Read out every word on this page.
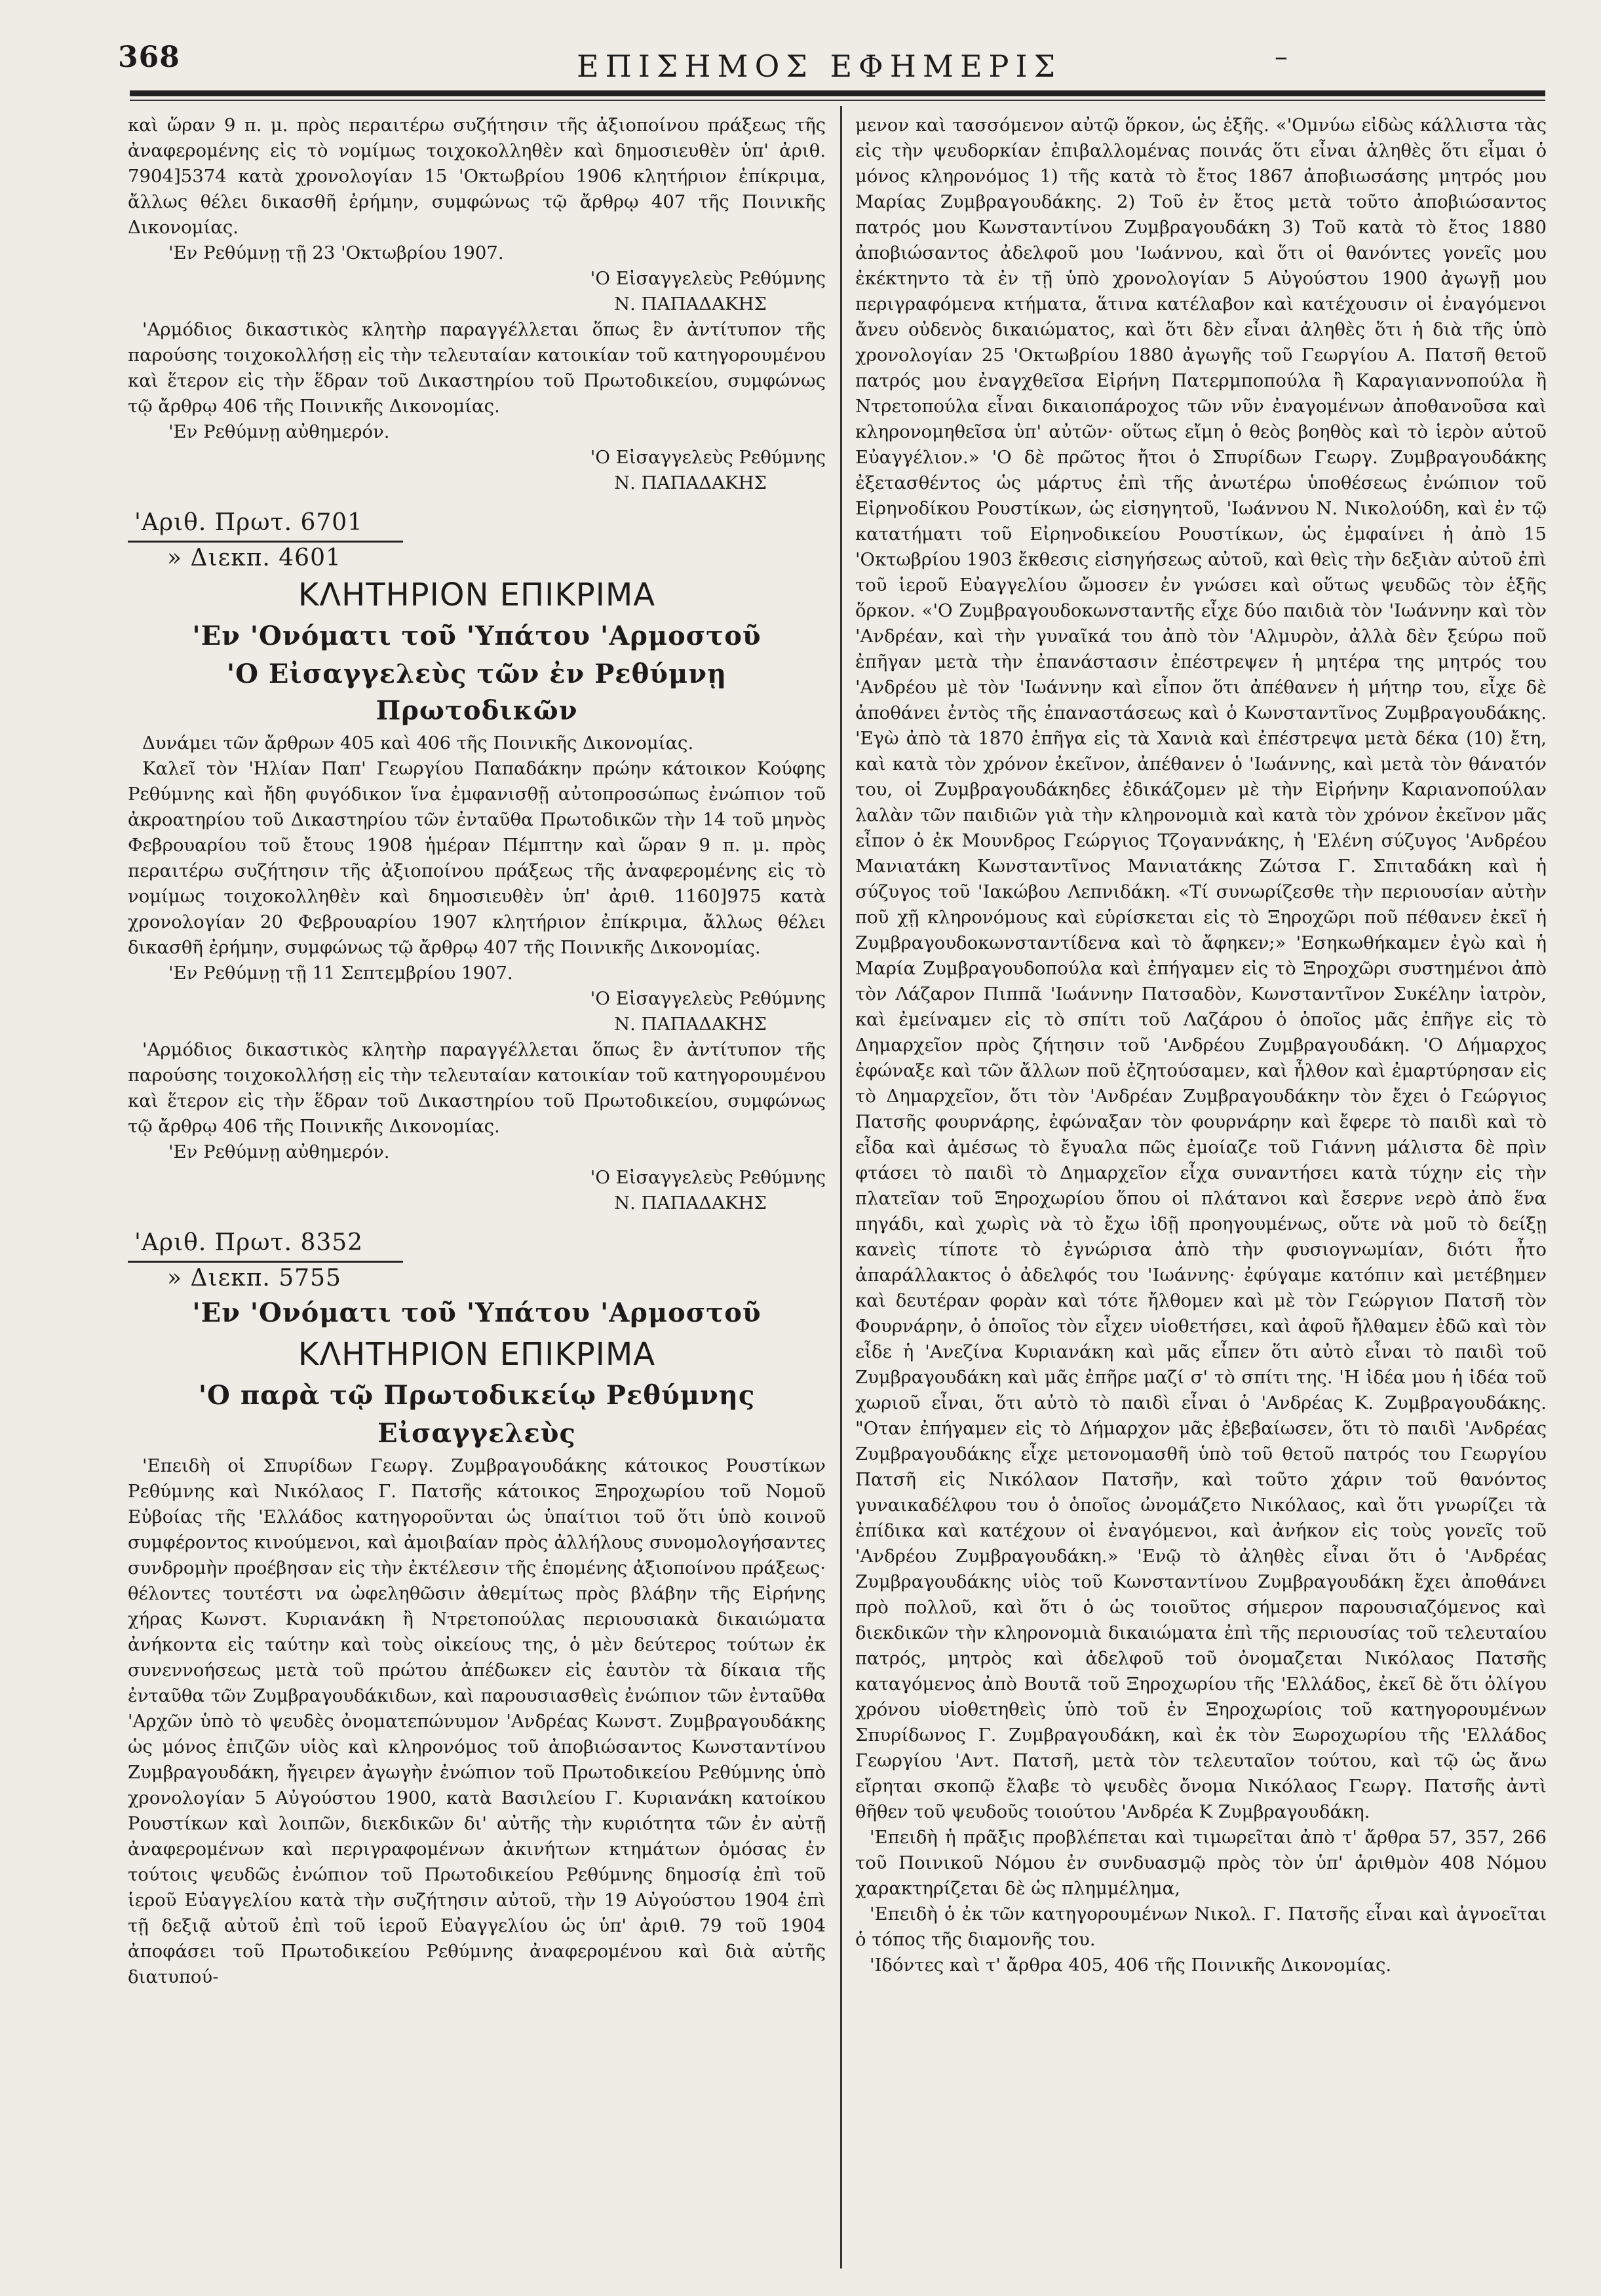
368	ΕΠΙΣΗΜΟΣ ΕΦΗΜΕΡΙΣ	–

καὶ ὥραν 9 π. μ. πρὸς περαιτέρω συζήτησιν τῆς ἀξιοποίνου πράξεως τῆς ἀναφερομένης εἰς τὸ νομίμως τοιχοκολληθὲν καὶ δημοσιευθὲν ὑπ' ἀριθ. 7904]5374 κατὰ χρονολογίαν 15 'Οκτωβρίου 1906 κλητήριον ἐπίκριμα, ἄλλως θέλει δικασθῆ ἐρήμην, συμφώνως τῷ ἄρθρῳ 407 τῆς Ποινικῆς Δικονομίας.

'Εν Ρεθύμνῃ τῇ 23 'Οκτωβρίου 1907.

'Ο Εἰσαγγελεὺς Ρεθύμνης

Ν. ΠΑΠΑΔΑΚΗΣ

'Αρμόδιος δικαστικὸς κλητὴρ παραγγέλλεται ὅπως ἓν ἀντίτυπον τῆς παρούσης τοιχοκολλήσῃ εἰς τὴν τελευταίαν κατοικίαν τοῦ κατηγορουμένου καὶ ἕτερον εἰς τὴν ἕδραν τοῦ Δικαστηρίου τοῦ Πρωτοδικείου, συμφώνως τῷ ἄρθρῳ 406 τῆς Ποινικῆς Δικονομίας.

'Εν Ρεθύμνῃ αὐθημερόν.

'Ο Εἰσαγγελεὺς Ρεθύμνης

Ν. ΠΑΠΑΔΑΚΗΣ

'Αριθ. Πρωτ. 6701
» Διεκπ. 4601
ΚΛΗΤΗΡΙΟΝ ΕΠΙΚΡΙΜΑ
'Εν 'Ονόματι τοῦ 'Υπάτου 'Αρμοστοῦ
'Ο Εἰσαγγελεὺς τῶν ἐν Ρεθύμνῃ Πρωτοδικῶν

Δυνάμει τῶν ἄρθρων 405 καὶ 406 τῆς Ποινικῆς Δικονομίας.

Καλεῖ τὸν 'Ηλίαν Παπ' Γεωργίου Παπαδάκην πρώην κάτοικον Κούφης Ρεθύμνης καὶ ἤδη φυγόδικον ἵνα ἐμφανισθῇ αὐτοπροσώπως ἐνώπιον τοῦ ἀκροατηρίου τοῦ Δικαστηρίου τῶν ἐνταῦθα Πρωτοδικῶν τὴν 14 τοῦ μηνὸς Φεβρουαρίου τοῦ ἔτους 1908 ἡμέραν Πέμπτην καὶ ὥραν 9 π. μ. πρὸς περαιτέρω συζήτησιν τῆς ἀξιοποίνου πράξεως τῆς ἀναφερομένης εἰς τὸ νομίμως τοιχοκολληθὲν καὶ δημοσιευθὲν ὑπ' ἀριθ. 1160]975 κατὰ χρονολογίαν 20 Φεβρουαρίου 1907 κλητήριον ἐπίκριμα, ἄλλως θέλει δικασθῆ ἐρήμην, συμφώνως τῷ ἄρθρῳ 407 τῆς Ποινικῆς Δικονομίας.

'Εν Ρεθύμνῃ τῇ 11 Σεπτεμβρίου 1907.

'Ο Εἰσαγγελεὺς Ρεθύμνης

Ν. ΠΑΠΑΔΑΚΗΣ

'Αρμόδιος δικαστικὸς κλητὴρ παραγγέλλεται ὅπως ἓν ἀντίτυπον τῆς παρούσης τοιχοκολλήσῃ εἰς τὴν τελευταίαν κατοικίαν τοῦ κατηγορουμένου καὶ ἕτερον εἰς τὴν ἕδραν τοῦ Δικαστηρίου τοῦ Πρωτοδικείου, συμφώνως τῷ ἄρθρῳ 406 τῆς Ποινικῆς Δικονομίας.

'Εν Ρεθύμνῃ αὐθημερόν.

'Ο Εἰσαγγελεὺς Ρεθύμνης

Ν. ΠΑΠΑΔΑΚΗΣ

'Αριθ. Πρωτ. 8352
» Διεκπ. 5755
'Εν 'Ονόματι τοῦ 'Υπάτου 'Αρμοστοῦ
ΚΛΗΤΗΡΙΟΝ ΕΠΙΚΡΙΜΑ
'Ο παρὰ τῷ Πρωτοδικείῳ Ρεθύμνης
Εἰσαγγελεὺς

'Επειδὴ οἱ Σπυρίδων Γεωργ. Ζυμβραγουδάκης κάτοικος Ρουστίκων Ρεθύμνης καὶ Νικόλαος Γ. Πατσῆς κάτοικος Ξηροχωρίου τοῦ Νομοῦ Εὐβοίας τῆς 'Ελλάδος κατηγοροῦνται ὡς ὑπαίτιοι τοῦ ὅτι ὑπὸ κοινοῦ συμφέροντος κινούμενοι, καὶ ἀμοιβαίαν πρὸς ἀλλήλους συνομολογήσαντες συνδρομὴν προέβησαν εἰς τὴν ἐκτέλεσιν τῆς ἑπομένης ἀξιοποίνου πράξεως· θέλοντες τουτέστι να ὠφεληθῶσιν ἀθεμίτως πρὸς βλάβην τῆς Εἰρήνης χήρας Κωνστ. Κυριανάκη ἢ Ντρετοπούλας περιουσιακὰ δικαιώματα ἀνήκοντα εἰς ταύτην καὶ τοὺς οἰκείους της, ὁ μὲν δεύτερος τούτων ἐκ συνεννοήσεως μετὰ τοῦ πρώτου ἀπέδωκεν εἰς ἑαυτὸν τὰ δίκαια τῆς ἐνταῦθα τῶν Ζυμβραγουδάκιδων, καὶ παρουσιασθεὶς ἐνώπιον τῶν ἐνταῦθα 'Αρχῶν ὑπὸ τὸ ψευδὲς ὀνοματεπώνυμον 'Ανδρέας Κωνστ. Ζυμβραγουδάκης ὡς μόνος ἐπιζῶν υἱὸς καὶ κληρονόμος τοῦ ἀποβιώσαντος Κωνσταντίνου Ζυμβραγουδάκη, ἤγειρεν ἀγωγὴν ἐνώπιον τοῦ Πρωτοδικείου Ρεθύμνης ὑπὸ χρονολογίαν 5 Αὐγούστου 1900, κατὰ Βασιλείου Γ. Κυριανάκη κατοίκου Ρουστίκων καὶ λοιπῶν, διεκδικῶν δι' αὐτῆς τὴν κυριότητα τῶν ἐν αὐτῇ ἀναφερομένων καὶ περιγραφομένων ἀκινήτων κτημάτων ὁμόσας ἐν τούτοις ψευδῶς ἐνώπιον τοῦ Πρωτοδικείου Ρεθύμνης δημοσίᾳ ἐπὶ τοῦ ἱεροῦ Εὐαγγελίου κατὰ τὴν συζήτησιν αὐτοῦ, τὴν 19 Αὐγούστου 1904 ἐπὶ τῇ δεξιᾷ αὐτοῦ ἐπὶ τοῦ ἱεροῦ Εὐαγγελίου ὡς ὑπ' ἀριθ. 79 τοῦ 1904 ἀποφάσει τοῦ Πρωτοδικείου Ρεθύμνης ἀναφερομένου καὶ διὰ αὐτῆς διατυπού-

μενον καὶ τασσόμενον αὐτῷ ὅρκον, ὡς ἑξῆς. «'Ομνύω εἰδὼς κάλλιστα τὰς εἰς τὴν ψευδορκίαν ἐπιβαλλομένας ποινάς ὅτι εἶναι ἀληθὲς ὅτι εἶμαι ὁ μόνος κληρονόμος 1) τῆς κατὰ τὸ ἔτος 1867 ἀποβιωσάσης μητρός μου Μαρίας Ζυμβραγουδάκης. 2) Τοῦ ἐν ἔτος μετὰ τοῦτο ἀποβιώσαντος πατρός μου Κωνσταντίνου Ζυμβραγουδάκη 3) Τοῦ κατὰ τὸ ἔτος 1880 ἀποβιώσαντος ἀδελφοῦ μου 'Ιωάννου, καὶ ὅτι οἱ θανόντες γονεῖς μου ἐκέκτηντο τὰ ἐν τῇ ὑπὸ χρονολογίαν 5 Αὐγούστου 1900 ἀγωγῇ μου περιγραφόμενα κτήματα, ἅτινα κατέλαβον καὶ κατέχουσιν οἱ ἐναγόμενοι ἄνευ οὐδενὸς δικαιώματος, καὶ ὅτι δὲν εἶναι ἀληθὲς ὅτι ἡ διὰ τῆς ὑπὸ χρονολογίαν 25 'Οκτωβρίου 1880 ἀγωγῆς τοῦ Γεωργίου Α. Πατσῆ θετοῦ πατρός μου ἐναγχθεῖσα Εἰρήνη Πατερμποπούλα ἢ Καραγιαννοπούλα ἢ Ντρετοπούλα εἶναι δικαιοπάροχος τῶν νῦν ἐναγομένων ἀποθανοῦσα καὶ κληρονομηθεῖσα ὑπ' αὐτῶν· οὕτως εἴμη ὁ θεὸς βοηθὸς καὶ τὸ ἱερὸν αὐτοῦ Εὐαγγέλιον.» 'Ο δὲ πρῶτος ἤτοι ὁ Σπυρίδων Γεωργ. Ζυμβραγουδάκης ἐξετασθέντος ὡς μάρτυς ἐπὶ τῆς ἀνωτέρω ὑποθέσεως ἐνώπιον τοῦ Εἰρηνοδίκου Ρουστίκων, ὡς εἰσηγητοῦ, 'Ιωάννου Ν. Νικολούδη, καὶ ἐν τῷ κατατήματι τοῦ Εἰρηνοδικείου Ρουστίκων, ὡς ἐμφαίνει ἡ ἀπὸ 15 'Οκτωβρίου 1903 ἔκθεσις εἰσηγήσεως αὐτοῦ, καὶ θεὶς τὴν δεξιὰν αὐτοῦ ἐπὶ τοῦ ἱεροῦ Εὐαγγελίου ὤμοσεν ἐν γνώσει καὶ οὕτως ψευδῶς τὸν ἑξῆς ὅρκον. «'Ο Ζυμβραγουδοκωνσταντῆς εἶχε δύο παιδιὰ τὸν 'Ιωάννην καὶ τὸν 'Ανδρέαν, καὶ τὴν γυναῖκά του ἀπὸ τὸν 'Αλμυρὸν, ἀλλὰ δὲν ξεύρω ποῦ ἐπῆγαν μετὰ τὴν ἐπανάστασιν ἐπέστρεψεν ἡ μητέρα της μητρός του 'Ανδρέου μὲ τὸν 'Ιωάννην καὶ εἶπον ὅτι ἀπέθανεν ἡ μήτηρ του, εἶχε δὲ ἀποθάνει ἐντὸς τῆς ἐπαναστάσεως καὶ ὁ Κωνσταντῖνος Ζυμβραγουδάκης. 'Εγὼ ἀπὸ τὰ 1870 ἐπῆγα εἰς τὰ Χανιὰ καὶ ἐπέστρεψα μετὰ δέκα (10) ἔτη, καὶ κατὰ τὸν χρόνον ἐκεῖνον, ἀπέθανεν ὁ 'Ιωάννης, καὶ μετὰ τὸν θάνατόν του, οἱ Ζυμβραγουδάκηδες ἐδικάζομεν μὲ τὴν Εἰρήνην Καριανοπούλαν λαλὰν τῶν παιδιῶν γιὰ τὴν κληρονομιὰ καὶ κατὰ τὸν χρόνον ἐκεῖνον μᾶς εἶπον ὁ ἐκ Μουνδρος Γεώργιος Τζογαννάκης, ἡ 'Ελένη σύζυγος 'Ανδρέου Μανιατάκη Κωνσταντῖνος Μανιατάκης Ζώτσα Γ. Σπιταδάκη καὶ ἡ σύζυγος τοῦ 'Ιακώβου Λεπνιδάκη. «Τί συνωρίζεσθε τὴν περιουσίαν αὐτὴν ποῦ χῇ κληρονόμους καὶ εὑρίσκεται εἰς τὸ Ξηροχῶρι ποῦ πέθανεν ἐκεῖ ἡ Ζυμβραγουδοκωνσταντίδενα καὶ τὸ ἄφηκεν;» 'Εσηκωθήκαμεν ἐγὼ καὶ ἡ Μαρία Ζυμβραγουδοπούλα καὶ ἐπήγαμεν εἰς τὸ Ξηροχῶρι συστημένοι ἀπὸ τὸν Λάζαρον Πιππᾶ 'Ιωάννην Πατσαδὸν, Κωνσταντῖνον Συκέλην ἰατρὸν, καὶ ἐμείναμεν εἰς τὸ σπίτι τοῦ Λαζάρου ὁ ὁποῖος μᾶς ἐπῆγε εἰς τὸ Δημαρχεῖον πρὸς ζήτησιν τοῦ 'Ανδρέου Ζυμβραγουδάκη. 'Ο Δήμαρχος ἐφώναξε καὶ τῶν ἄλλων ποῦ ἐζητούσαμεν, καὶ ἦλθον καὶ ἐμαρτύρησαν εἰς τὸ Δημαρχεῖον, ὅτι τὸν 'Ανδρέαν Ζυμβραγουδάκην τὸν ἔχει ὁ Γεώργιος Πατσῆς φουρνάρης, ἐφώναξαν τὸν φουρνάρην καὶ ἔφερε τὸ παιδὶ καὶ τὸ εἶδα καὶ ἀμέσως τὸ ἔγυαλα πῶς ἐμοίαζε τοῦ Γιάννη μάλιστα δὲ πρὶν φτάσει τὸ παιδὶ τὸ Δημαρχεῖον εἶχα συναντήσει κατὰ τύχην εἰς τὴν πλατεῖαν τοῦ Ξηροχωρίου ὅπου οἱ πλάτανοι καὶ ἔσερνε νερὸ ἀπὸ ἕνα πηγάδι, καὶ χωρὶς νὰ τὸ ἔχω ἰδῇ προηγουμένως, οὔτε νὰ μοῦ τὸ δείξῃ κανεὶς τίποτε τὸ ἐγνώρισα ἀπὸ τὴν φυσιογνωμίαν, διότι ἦτο ἀπαράλλακτος ὁ ἀδελφός του 'Ιωάννης· ἐφύγαμε κατόπιν καὶ μετέβημεν καὶ δευτέραν φορὰν καὶ τότε ἤλθομεν καὶ μὲ τὸν Γεώργιον Πατσῆ τὸν Φουρνάρην, ὁ ὁποῖος τὸν εἶχεν υἱοθετήσει, καὶ ἀφοῦ ἤλθαμεν ἐδῶ καὶ τὸν εἶδε ἡ 'Ανεζίνα Κυριανάκη καὶ μᾶς εἶπεν ὅτι αὐτὸ εἶναι τὸ παιδὶ τοῦ Ζυμβραγουδάκη καὶ μᾶς ἐπῆρε μαζί σ' τὸ σπίτι της. 'Η ἰδέα μου ἡ ἰδέα τοῦ χωριοῦ εἶναι, ὅτι αὐτὸ τὸ παιδὶ εἶναι ὁ 'Ανδρέας Κ. Ζυμβραγουδάκης. "Οταν ἐπήγαμεν εἰς τὸ Δήμαρχον μᾶς ἐβεβαίωσεν, ὅτι τὸ παιδὶ 'Ανδρέας Ζυμβραγουδάκης εἶχε μετονομασθῆ ὑπὸ τοῦ θετοῦ πατρός του Γεωργίου Πατσῆ εἰς Νικόλαον Πατσῆν, καὶ τοῦτο χάριν τοῦ θανόντος γυναικαδέλφου του ὁ ὁποῖος ὠνομάζετο Νικόλαος, καὶ ὅτι γνωρίζει τὰ ἐπίδικα καὶ κατέχουν οἱ ἐναγόμενοι, καὶ ἀνήκον εἰς τοὺς γονεῖς τοῦ 'Ανδρέου Ζυμβραγουδάκη.» 'Ενῷ τὸ ἀληθὲς εἶναι ὅτι ὁ 'Ανδρέας Ζυμβραγουδάκης υἱὸς τοῦ Κωνσταντίνου Ζυμβραγουδάκη ἔχει ἀποθάνει πρὸ πολλοῦ, καὶ ὅτι ὁ ὡς τοιοῦτος σήμερον παρουσιαζόμενος καὶ διεκδικῶν τὴν κληρονομιὰ δικαιώματα ἐπὶ τῆς περιουσίας τοῦ τελευταίου πατρός, μητρὸς καὶ ἀδελφοῦ τοῦ ὀνομαζεται Νικόλαος Πατσῆς καταγόμενος ἀπὸ Βουτᾶ τοῦ Ξηροχωρίου τῆς 'Ελλάδος, ἐκεῖ δὲ ὅτι ὀλίγου χρόνου υἱοθετηθεὶς ὑπὸ τοῦ ἐν Ξηροχωρίοις τοῦ κατηγορουμένων Σπυρίδωνος Γ. Ζυμβραγουδάκη, καὶ ἐκ τὸν Ξωροχωρίου τῆς 'Ελλάδος Γεωργίου 'Αντ. Πατσῆ, μετὰ τὸν τελευταῖον τούτου, καὶ τῷ ὡς ἄνω εἴρηται σκοπῷ ἔλαβε τὸ ψευδὲς ὄνομα Νικόλαος Γεωργ. Πατσῆς ἀντὶ θῆθεν τοῦ ψευδοῦς τοιούτου 'Ανδρέα Κ Ζυμβραγουδάκη.

'Επειδὴ ἡ πρᾶξις προβλέπεται καὶ τιμωρεῖται ἀπὸ τ' ἄρθρα 57, 357, 266 τοῦ Ποινικοῦ Νόμου ἐν συνδυασμῷ πρὸς τὸν ὑπ' ἀριθμὸν 408 Νόμου χαρακτηρίζεται δὲ ὡς πλημμέλημα,

'Επειδὴ ὁ ἐκ τῶν κατηγορουμένων Νικολ. Γ. Πατσῆς εἶναι καὶ ἀγνοεῖται ὁ τόπος τῆς διαμονῆς του.

'Ιδόντες καὶ τ' ἄρθρα 405, 406 τῆς Ποινικῆς Δικονομίας.
